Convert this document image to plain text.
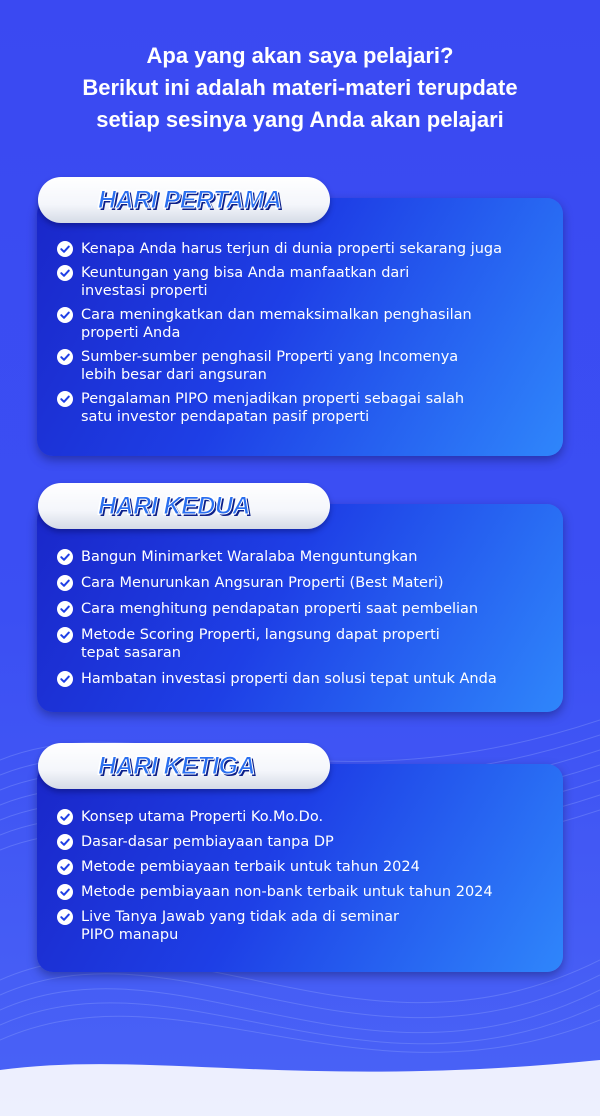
Apa yang akan saya pelajari?
Berikut ini adalah materi-materi terupdate
setiap sesinya yang Anda akan pelajari
Kenapa Anda harus terjun di dunia properti sekarang juga
Keuntungan yang bisa Anda manfaatkan dari
investasi properti
Cara meningkatkan dan memaksimalkan penghasilan
properti Anda
Sumber-sumber penghasil Properti yang Incomenya
lebih besar dari angsuran
Pengalaman PIPO menjadikan properti sebagai salah
satu investor pendapatan pasif properti
HARI PERTAMA
Bangun Minimarket Waralaba Menguntungkan
Cara Menurunkan Angsuran Properti (Best Materi)
Cara menghitung pendapatan properti saat pembelian
Metode Scoring Properti, langsung dapat properti
tepat sasaran
Hambatan investasi properti dan solusi tepat untuk Anda
HARI KEDUA
Konsep utama Properti Ko.Mo.Do.
Dasar-dasar pembiayaan tanpa DP
Metode pembiayaan terbaik untuk tahun 2024
Metode pembiayaan non-bank terbaik untuk tahun 2024
Live Tanya Jawab yang tidak ada di seminar
PIPO manapu
HARI KETIGA
